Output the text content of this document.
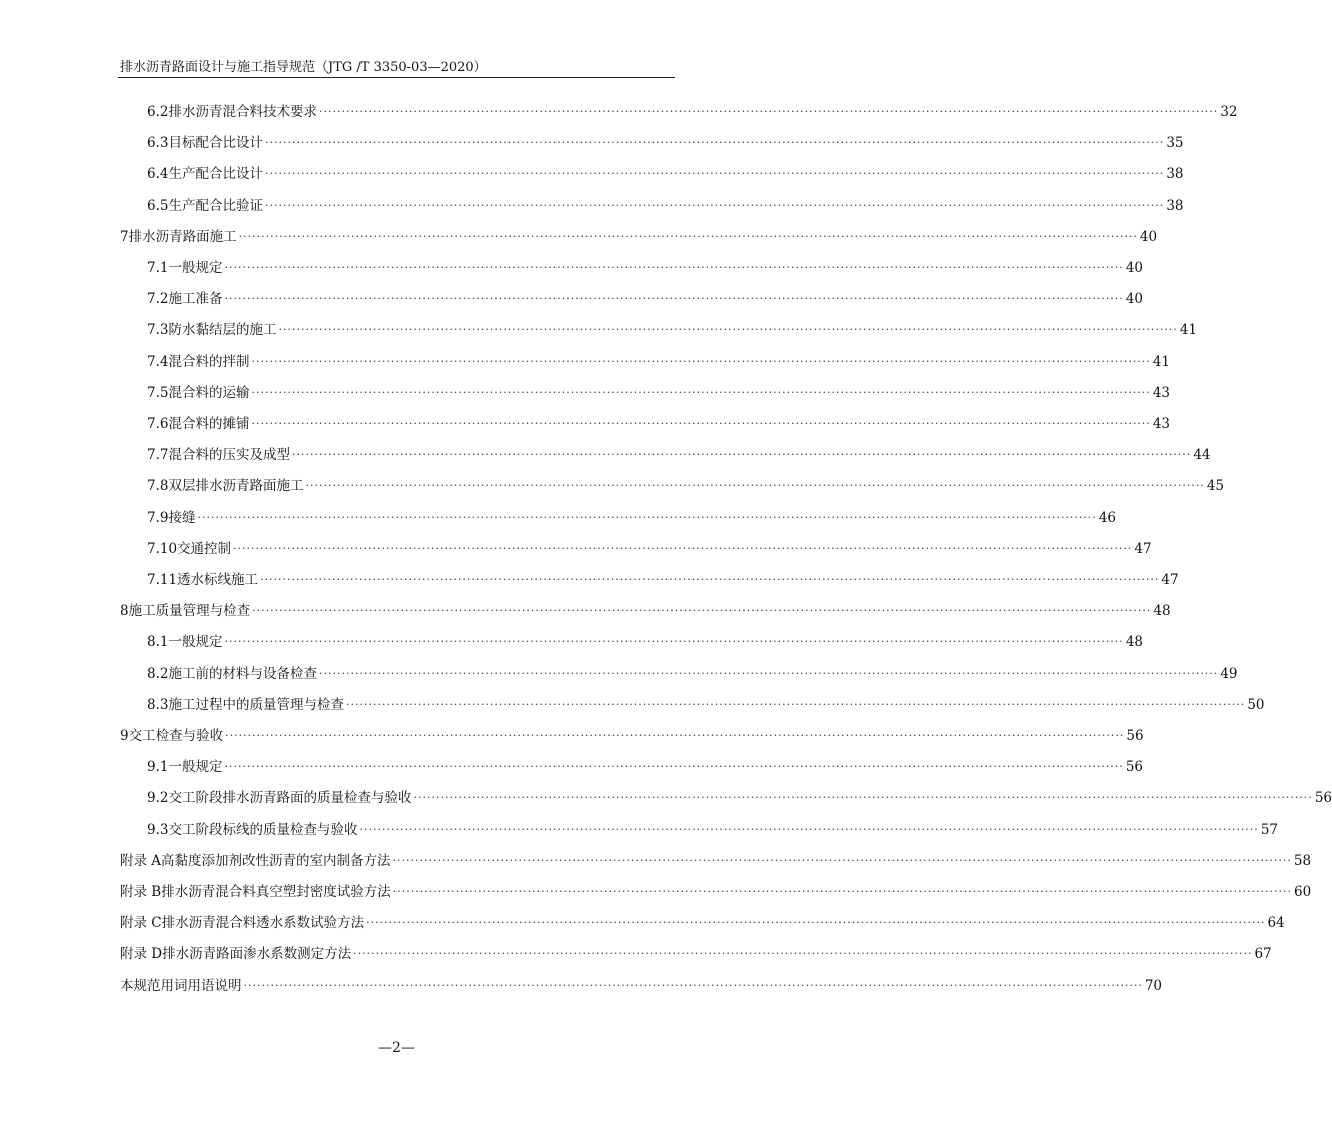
排水沥青路面设计与施工指导规范（JTG /T 3350-03—2020）
6.2 排水沥青混合料技术要求 ········································································································································································································ 32
6.3 目标配合比设计 ········································································································································································································ 35
6.4 生产配合比设计 ········································································································································································································ 38
6.5 生产配合比验证 ········································································································································································································ 38
7 排水沥青路面施工 ········································································································································································································ 40
7.1 一般规定 ········································································································································································································ 40
7.2 施工准备 ········································································································································································································ 40
7.3 防水黏结层的施工 ········································································································································································································ 41
7.4 混合料的拌制 ········································································································································································································ 41
7.5 混合料的运输 ········································································································································································································ 43
7.6 混合料的摊铺 ········································································································································································································ 43
7.7 混合料的压实及成型 ········································································································································································································ 44
7.8 双层排水沥青路面施工 ········································································································································································································ 45
7.9 接缝 ········································································································································································································ 46
7.10 交通控制 ········································································································································································································ 47
7.11 透水标线施工 ········································································································································································································ 47
8 施工质量管理与检查 ········································································································································································································ 48
8.1 一般规定 ········································································································································································································ 48
8.2 施工前的材料与设备检查 ········································································································································································································ 49
8.3 施工过程中的质量管理与检查 ········································································································································································································ 50
9 交工检查与验收 ········································································································································································································ 56
9.1 一般规定 ········································································································································································································ 56
9.2 交工阶段排水沥青路面的质量检查与验收 ········································································································································································································ 56
9.3 交工阶段标线的质量检查与验收 ········································································································································································································ 57
附录 A 高黏度添加剂改性沥青的室内制备方法 ········································································································································································································ 58
附录 B 排水沥青混合料真空塑封密度试验方法 ········································································································································································································ 60
附录 C 排水沥青混合料透水系数试验方法 ········································································································································································································ 64
附录 D 排水沥青路面渗水系数测定方法 ········································································································································································································ 67
本规范用词用语说明 ········································································································································································································ 70
—2—
